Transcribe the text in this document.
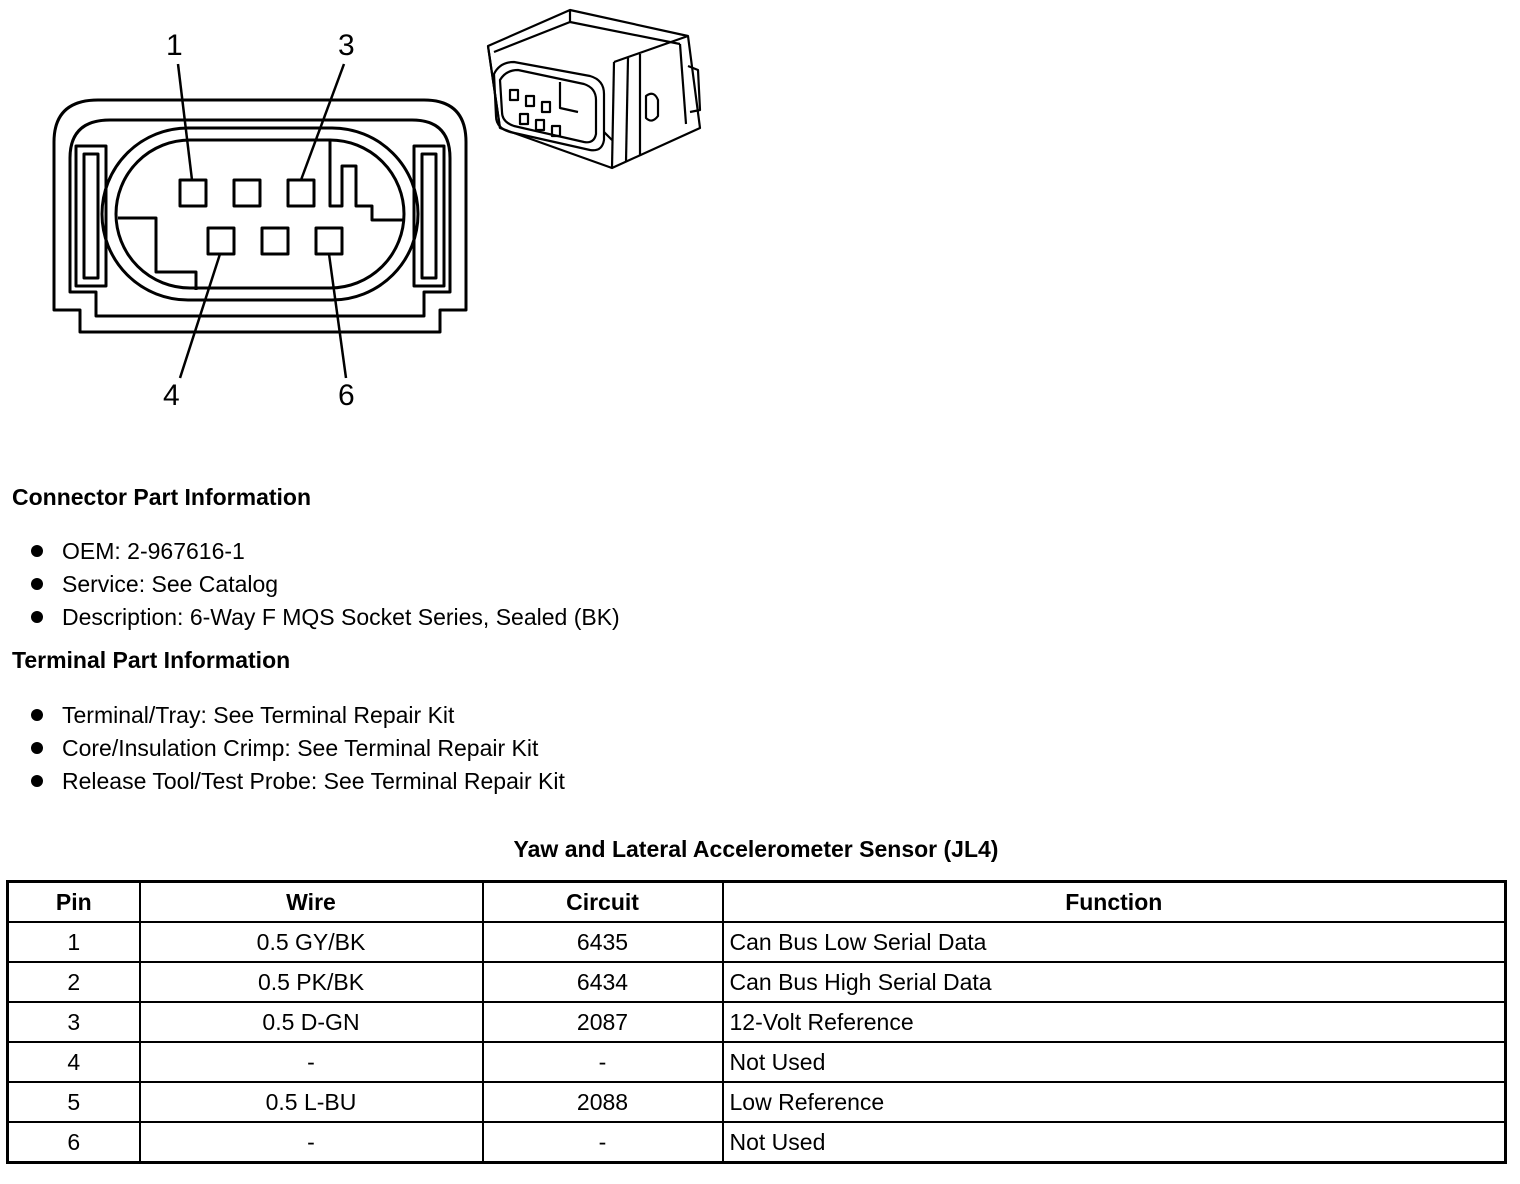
1	3
4	6
Connector Part Information
OEM: 2-967616-1
Service: See Catalog
Description: 6-Way F MQS Socket Series, Sealed (BK)
Terminal Part Information
Terminal/Tray: See Terminal Repair Kit
Core/Insulation Crimp: See Terminal Repair Kit
Release Tool/Test Probe: See Terminal Repair Kit
Yaw and Lateral Accelerometer Sensor (JL4)
Pin	Wire	Circuit	Function
1	0.5 GY/BK	6435	Can Bus Low Serial Data
2	0.5 PK/BK	6434	Can Bus High Serial Data
3	0.5 D-GN	2087	12-Volt Reference
4	-	-	Not Used
5	0.5 L-BU	2088	Low Reference
6	-	-	Not Used
